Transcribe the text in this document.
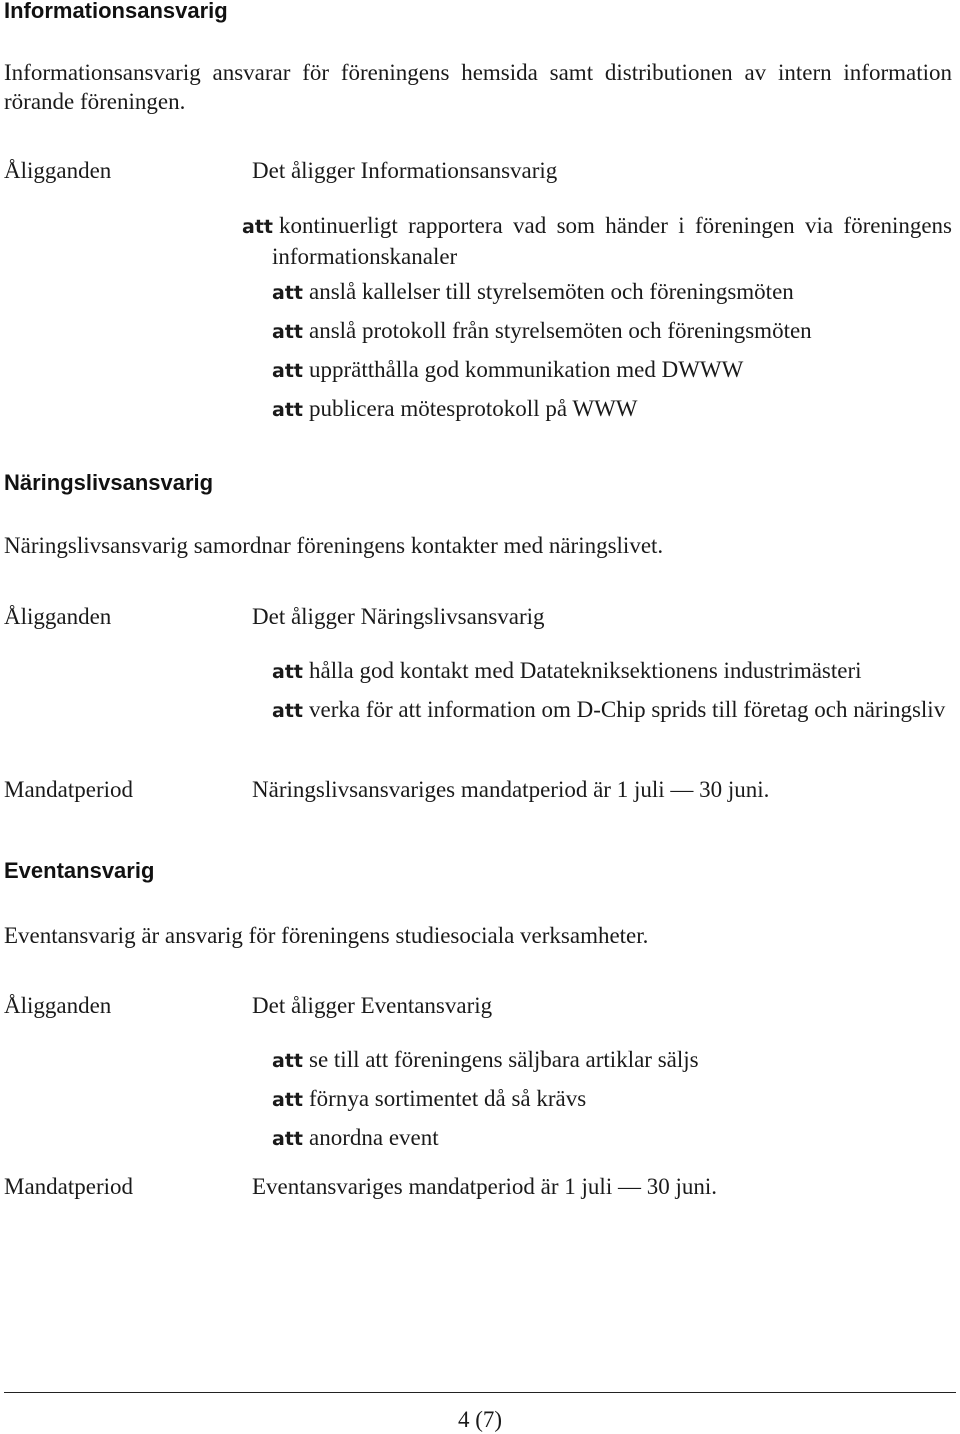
Informationsansvarig

Informationsansvarig ansvarar för föreningens hemsida samt distributionen av intern information rörande föreningen.

Åligganden	Det åligger Informationsansvarig

att kontinuerligt rapportera vad som händer i föreningen via föreningens informationskanaler
att anslå kallelser till styrelsemöten och föreningsmöten
att anslå protokoll från styrelsemöten och föreningsmöten
att upprätthålla god kommunikation med DWWW
att publicera mötesprotokoll på WWW
Näringslivsansvarig

Näringslivsansvarig samordnar föreningens kontakter med näringslivet.

Åligganden	Det åligger Näringslivsansvarig

att hålla god kontakt med Datatekniksektionens industrimästeri
att verka för att information om D-Chip sprids till företag och näringsliv

Mandatperiod	Näringslivsansvariges mandatperiod är 1 juli — 30 juni.

Eventansvarig

Eventansvarig är ansvarig för föreningens studiesociala verksamheter.

Åligganden	Det åligger Eventansvarig

att se till att föreningens säljbara artiklar säljs
att förnya sortimentet då så krävs
att anordna event

Mandatperiod	Eventansvariges mandatperiod är 1 juli — 30 juni.

4 (7)
